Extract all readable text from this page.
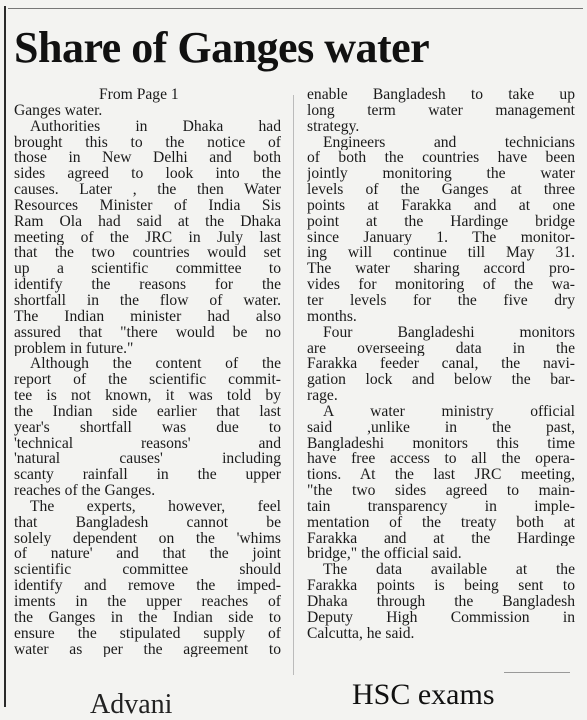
Share of Ganges water
From Page 1
Ganges water.
Authorities in Dhaka had
brought this to the notice of
those in New Delhi and both
sides agreed to look into the
causes. Later , the then Water
Resources Minister of India Sis
Ram Ola had said at the Dhaka
meeting of the JRC in July last
that the two countries would set
up a scientific committee to
identify the reasons for the
shortfall in the flow of water.
The Indian minister had also
assured that "there would be no
problem in future."
Although the content of the
report of the scientific commit-
tee is not known, it was told by
the Indian side earlier that last
year's shortfall was due to
'technical reasons' and
'natural causes' including
scanty rainfall in the upper
reaches of the Ganges.
The experts, however, feel
that Bangladesh cannot be
solely dependent on the 'whims
of nature' and that the joint
scientific committee should
identify and remove the imped-
iments in the upper reaches of
the Ganges in the Indian side to
ensure the stipulated supply of
water as per the agreement to
enable Bangladesh to take up
long term water management
strategy.
Engineers and technicians
of both the countries have been
jointly monitoring the water
levels of the Ganges at three
points at Farakka and at one
point at the Hardinge bridge
since January 1. The monitor-
ing will continue till May 31.
The water sharing accord pro-
vides for monitoring of the wa-
ter levels for the five dry
months.
Four Bangladeshi monitors
are overseeing data in the
Farakka feeder canal, the navi-
gation lock and below the bar-
rage.
A water ministry official
said ,unlike in the past,
Bangladeshi monitors this time
have free access to all the opera-
tions. At the last JRC meeting,
"the two sides agreed to main-
tain transparency in imple-
mentation of the treaty both at
Farakka and at the Hardinge
bridge," the official said.
The data available at the
Farakka points is being sent to
Dhaka through the Bangladesh
Deputy High Commission in
Calcutta, he said.
Advani	HSC exams
